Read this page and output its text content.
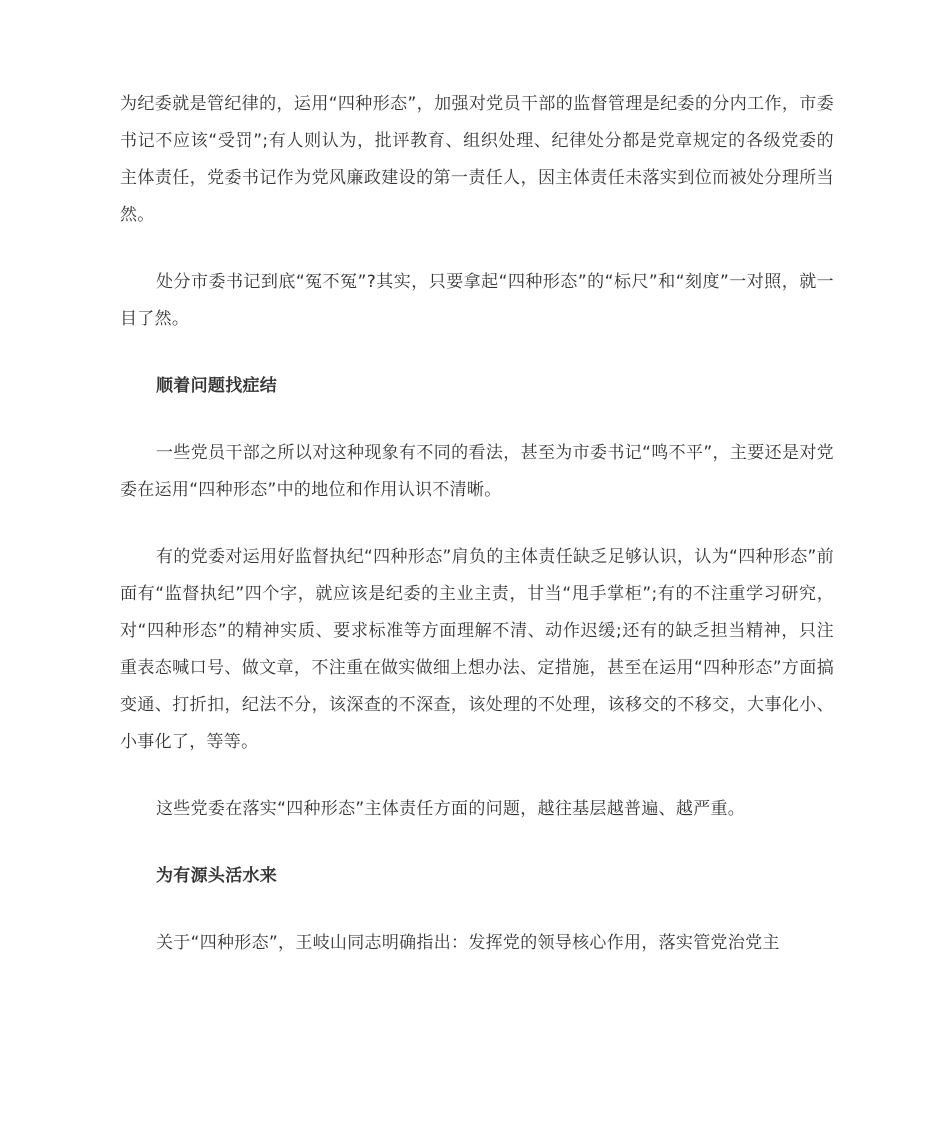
为纪委就是管纪律的，运用“四种形态”，加强对党员干部的监督管理是纪委的分内工作，市委书记不应该“受罚”;有人则认为，批评教育、组织处理、纪律处分都是党章规定的各级党委的主体责任，党委书记作为党风廉政建设的第一责任人，因主体责任未落实到位而被处分理所当然。

处分市委书记到底“冤不冤”?其实，只要拿起“四种形态”的“标尺”和“刻度”一对照，就一目了然。

顺着问题找症结

一些党员干部之所以对这种现象有不同的看法，甚至为市委书记“鸣不平”，主要还是对党委在运用“四种形态”中的地位和作用认识不清晰。

有的党委对运用好监督执纪“四种形态”肩负的主体责任缺乏足够认识，认为“四种形态”前面有“监督执纪”四个字，就应该是纪委的主业主责，甘当“甩手掌柜”;有的不注重学习研究，对“四种形态”的精神实质、要求标准等方面理解不清、动作迟缓;还有的缺乏担当精神，只注重表态喊口号、做文章，不注重在做实做细上想办法、定措施，甚至在运用“四种形态”方面搞变通、打折扣，纪法不分，该深查的不深查，该处理的不处理，该移交的不移交，大事化小、小事化了，等等。

这些党委在落实“四种形态”主体责任方面的问题，越往基层越普遍、越严重。

为有源头活水来

关于“四种形态”，王岐山同志明确指出：发挥党的领导核心作用，落实管党治党主
